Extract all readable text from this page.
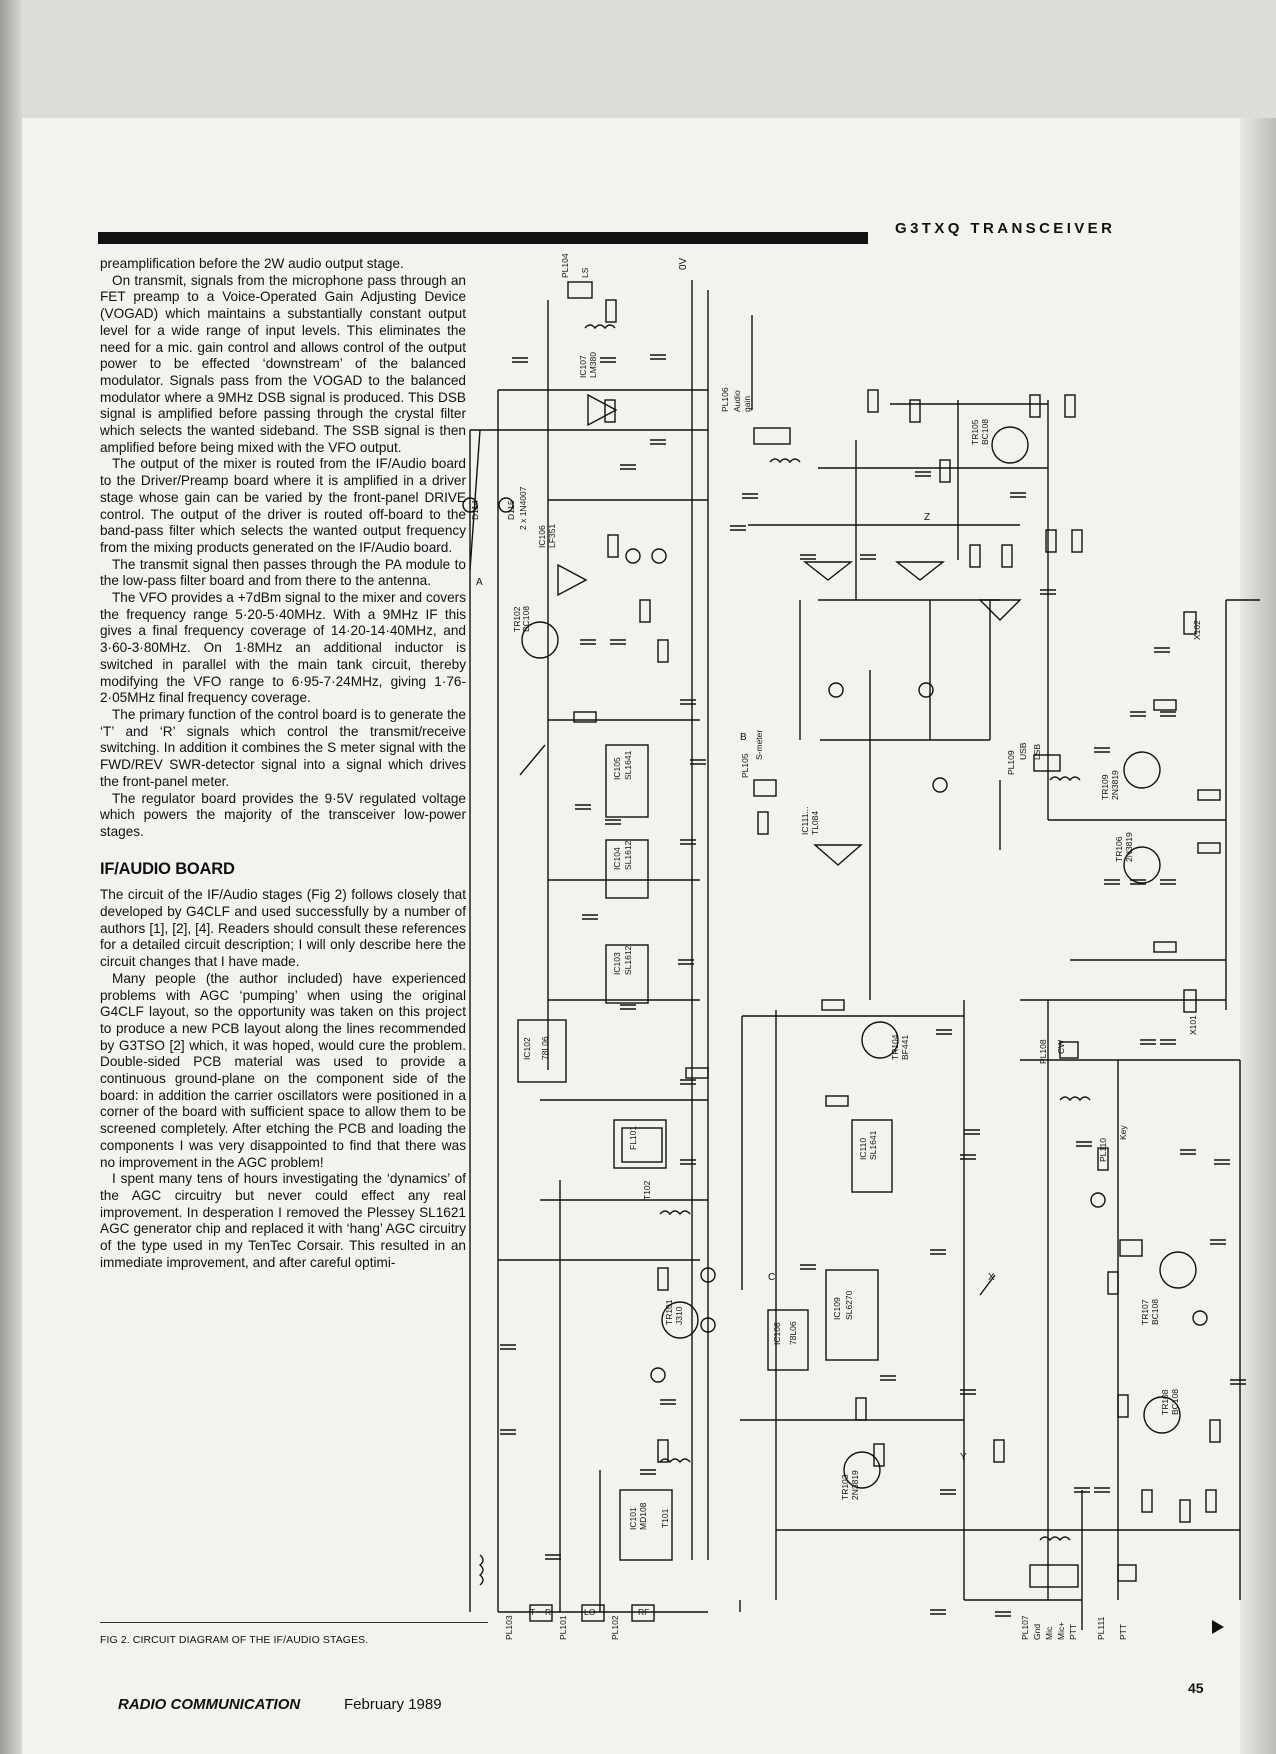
G3TXQ TRANSCEIVER

preamplification before the 2W audio output stage.

On transmit, signals from the microphone pass through an FET preamp to a Voice-Operated Gain Adjusting Device (VOGAD) which maintains a substantially constant output level for a wide range of input levels. This eliminates the need for a mic. gain control and allows control of the output power to be effected ‘downstream’ of the balanced modulator. Signals pass from the VOGAD to the balanced modulator where a 9MHz DSB signal is produced. This DSB signal is amplified before passing through the crystal filter which selects the wanted sideband. The SSB signal is then amplified before being mixed with the VFO output.

The output of the mixer is routed from the IF/Audio board to the Driver/Preamp board where it is amplified in a driver stage whose gain can be varied by the front-panel DRIVE control. The output of the driver is routed off-board to the band-pass filter which selects the wanted output frequency from the mixing products generated on the IF/Audio board.

The transmit signal then passes through the PA module to the low-pass filter board and from there to the antenna.

The VFO provides a +7dBm signal to the mixer and covers the frequency range 5·20-5·40MHz. With a 9MHz IF this gives a final frequency coverage of 14·20-14·40MHz, and 3·60-3·80MHz. On 1·8MHz an additional inductor is switched in parallel with the main tank circuit, thereby modifying the VFO range to 6·95-7·24MHz, giving 1·76-2·05MHz final frequency coverage.

The primary function of the control board is to generate the ‘T’ and ‘R’ signals which control the transmit/receive switching. In addition it combines the S meter signal with the FWD/REV SWR-detector signal into a signal which drives the front-panel meter.

The regulator board provides the 9·5V regulated voltage which powers the majority of the transceiver low-power stages.

IF/AUDIO BOARD

The circuit of the IF/Audio stages (Fig 2) follows closely that developed by G4CLF and used successfully by a number of authors [1], [2], [4]. Readers should consult these references for a detailed circuit description; I will only describe here the circuit changes that I have made.

Many people (the author included) have experienced problems with AGC ‘pumping’ when using the original G4CLF layout, so the opportunity was taken on this project to produce a new PCB layout along the lines recommended by G3TSO [2] which, it was hoped, would cure the problem. Double-sided PCB material was used to provide a continuous ground-plane on the component side of the board: in addition the carrier oscillators were positioned in a corner of the board with sufficient space to allow them to be screened completely. After etching the PCB and loading the components I was very disappointed to find that there was no improvement in the AGC problem!

I spent many tens of hours investigating the ‘dynamics’ of the AGC circuitry but never could effect any real improvement. In desperation I removed the Plessey SL1621 AGC generator chip and replaced it with ‘hang’ AGC circuitry of the type used in my TenTec Corsair. This resulted in an immediate improvement, and after careful optimi-

FIG 2. CIRCUIT DIAGRAM OF THE IF/AUDIO STAGES.
IC105 SL1641
IC104 SL1612
IC103 SL1612
IC102 78L06
IC101 MD108
IC107 LM380
IC106 LF351
IC110 SL1641
IC109 SL6270
IC108 78L06
IC111... TL084
FL101
TR102 BC108
TR101 J310
TR103 2N3819
TR104 BF441
TR105 BC108
TR106 2N3819
TR107 BC108
TR108 BC108
TR109 2N3819
PL104 LS
PL106 Audio gain
PL105
S-meter
PL109 USB LSB
PL108 CW
PL110
Key
PL107 Gnd Mic Mic+ PTT PL111 PTT
PL103	PL101	PL102
X102
X101
T101
T102
D114	D115 2 x 1N4007
0V
A
B
C	X
Y
Z
T R	LO	RF
RADIO COMMUNICATION	February 1989
45
